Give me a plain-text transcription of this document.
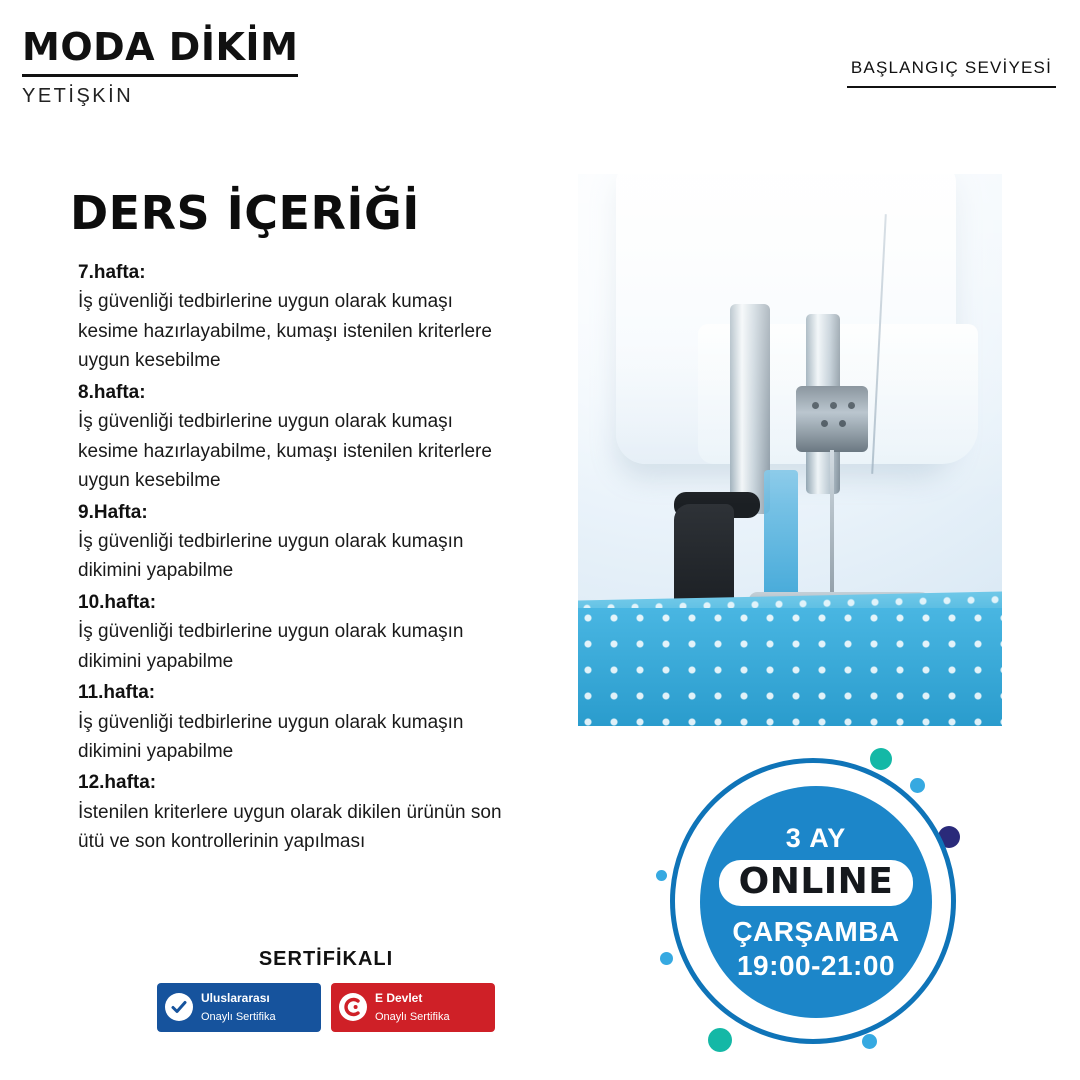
MODA DİKİM
YETİŞKİN
BAŞLANGIÇ SEVİYESİ
DERS İÇERİĞİ
7.hafta:
İş güvenliği tedbirlerine uygun olarak kumaşı kesime hazırlayabilme, kumaşı istenilen kriterlere uygun kesebilme
8.hafta:
İş güvenliği tedbirlerine uygun olarak kumaşı kesime hazırlayabilme, kumaşı istenilen kriterlere uygun kesebilme
9.Hafta:
İş güvenliği tedbirlerine uygun olarak kumaşın dikimini yapabilme
10.hafta:
İş güvenliği tedbirlerine uygun olarak kumaşın dikimini yapabilme
11.hafta:
İş güvenliği tedbirlerine uygun olarak kumaşın dikimini yapabilme
12.hafta:
İstenilen kriterlere uygun olarak dikilen ürünün son ütü ve son kontrollerinin yapılması
SERTİFİKALI
Uluslararası
Onaylı Sertifika
E Devlet
Onaylı Sertifika
3 AY
ONLINE
ÇARŞAMBA
19:00-21:00
